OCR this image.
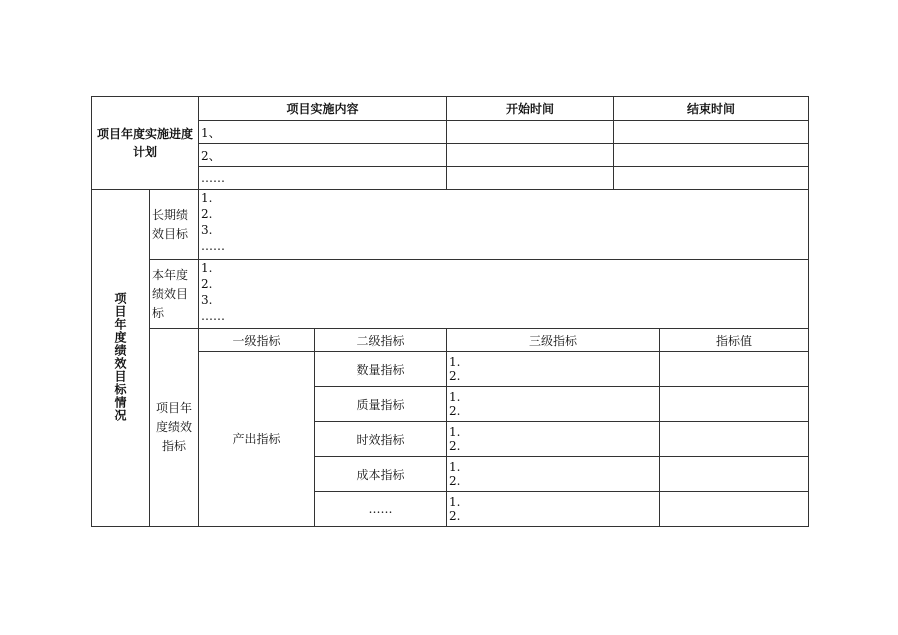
项目年度实施进度计划		项目实施内容		开始时间	结束时间	
		1、				
		2、				
		……				
项目年度绩效目标情况	长期绩效目标	1.
2.
3.
……				

	本年度绩效目标	1.
2.
3.
……				

	项目年度绩效指标	一级指标	二级指标	三级指标		指标值
		产出指标	数量指标	1.
2.		

			质量指标	1.
2.		

			时效指标	1.
2.		

			成本指标	1.
2.		

			……	1.
2.		
